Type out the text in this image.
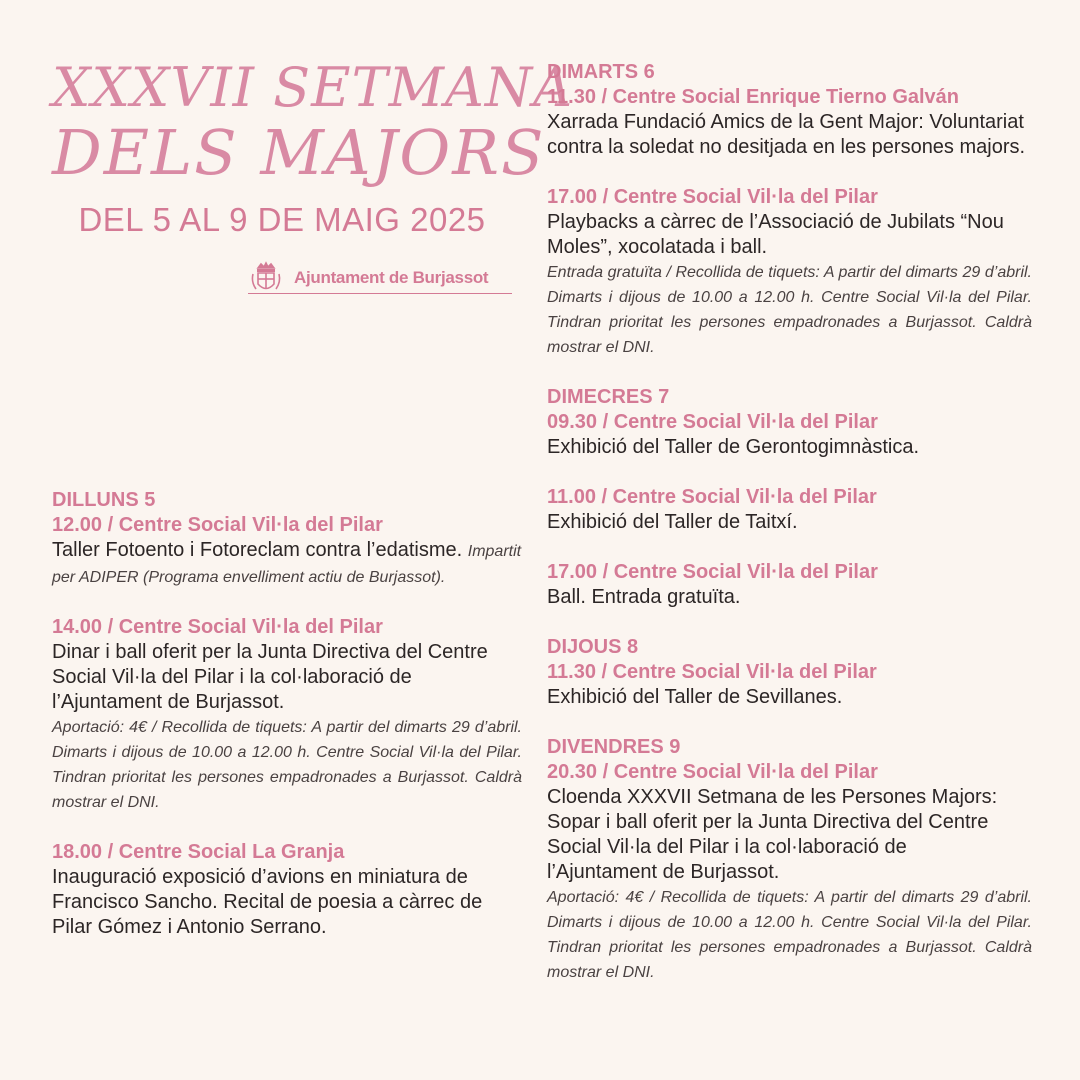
XXXVII SETMANA
DELS MAJORS
DEL 5 AL 9 DE MAIG 2025
Ajuntament de Burjassot
DILLUNS 5
12.00 / Centre Social Vil·la del Pilar
Taller Fotoento i Fotoreclam contra l’edatisme. Impartit per ADIPER (Programa envelliment actiu de Burjassot).
14.00 / Centre Social Vil·la del Pilar
Dinar i ball oferit per la Junta Directiva del Centre Social Vil·la del Pilar i la col·laboració de l’Ajuntament de Burjassot.
Aportació: 4€ / Recollida de tiquets: A partir del dimarts 29 d’abril. Dimarts i dijous de 10.00 a 12.00 h. Centre Social Vil·la del Pilar. Tindran prioritat les persones empadronades a Burjassot. Caldrà mostrar el DNI.
18.00 / Centre Social La Granja
Inauguració exposició d’avions en miniatura de Francisco Sancho. Recital de poesia a càrrec de Pilar Gómez i Antonio Serrano.
DIMARTS 6
11.30 / Centre Social Enrique Tierno Galván
Xarrada Fundació Amics de la Gent Major: Voluntariat contra la soledat no desitjada en les persones majors.
17.00 / Centre Social Vil·la del Pilar
Playbacks a càrrec de l’Associació de Jubilats “Nou Moles”, xocolatada i ball.
Entrada gratuïta / Recollida de tiquets: A partir del dimarts 29 d’abril. Dimarts i dijous de 10.00 a 12.00 h. Centre Social Vil·la del Pilar. Tindran prioritat les persones empadronades a Burjassot. Caldrà mostrar el DNI.
DIMECRES 7
09.30 / Centre Social Vil·la del Pilar
Exhibició del Taller de Gerontogimnàstica.
11.00 / Centre Social Vil·la del Pilar
Exhibició del Taller de Taitxí.
17.00 / Centre Social Vil·la del Pilar
Ball. Entrada gratuïta.
DIJOUS 8
11.30 / Centre Social Vil·la del Pilar
Exhibició del Taller de Sevillanes.
DIVENDRES 9
20.30 / Centre Social Vil·la del Pilar
Cloenda XXXVII Setmana de les Persones Majors: Sopar i ball oferit per la Junta Directiva del Centre Social Vil·la del Pilar i la col·laboració de l’Ajuntament de Burjassot.
Aportació: 4€ / Recollida de tiquets: A partir del dimarts 29 d’abril. Dimarts i dijous de 10.00 a 12.00 h. Centre Social Vil·la del Pilar. Tindran prioritat les persones empadronades a Burjassot. Caldrà mostrar el DNI.
